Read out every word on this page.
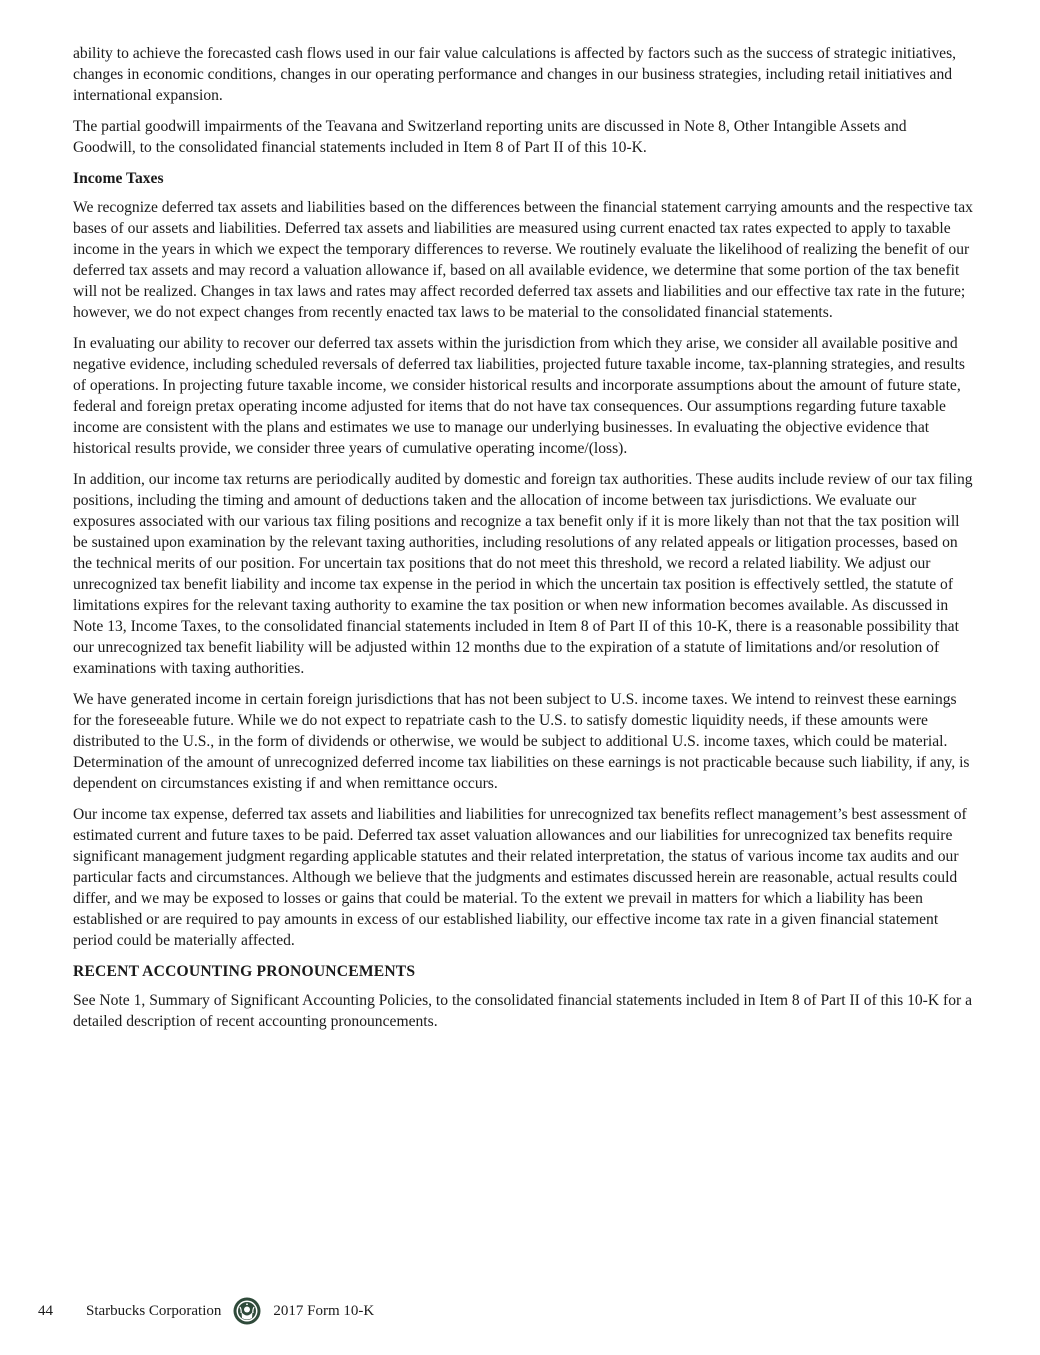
ability to achieve the forecasted cash flows used in our fair value calculations is affected by factors such as the success of strategic initiatives, changes in economic conditions, changes in our operating performance and changes in our business strategies, including retail initiatives and international expansion.

The partial goodwill impairments of the Teavana and Switzerland reporting units are discussed in Note 8, Other Intangible Assets and Goodwill, to the consolidated financial statements included in Item 8 of Part II of this 10-K.

Income Taxes

We recognize deferred tax assets and liabilities based on the differences between the financial statement carrying amounts and the respective tax bases of our assets and liabilities. Deferred tax assets and liabilities are measured using current enacted tax rates expected to apply to taxable income in the years in which we expect the temporary differences to reverse. We routinely evaluate the likelihood of realizing the benefit of our deferred tax assets and may record a valuation allowance if, based on all available evidence, we determine that some portion of the tax benefit will not be realized. Changes in tax laws and rates may affect recorded deferred tax assets and liabilities and our effective tax rate in the future; however, we do not expect changes from recently enacted tax laws to be material to the consolidated financial statements.

In evaluating our ability to recover our deferred tax assets within the jurisdiction from which they arise, we consider all available positive and negative evidence, including scheduled reversals of deferred tax liabilities, projected future taxable income, tax-planning strategies, and results of operations. In projecting future taxable income, we consider historical results and incorporate assumptions about the amount of future state, federal and foreign pretax operating income adjusted for items that do not have tax consequences. Our assumptions regarding future taxable income are consistent with the plans and estimates we use to manage our underlying businesses. In evaluating the objective evidence that historical results provide, we consider three years of cumulative operating income/(loss).

In addition, our income tax returns are periodically audited by domestic and foreign tax authorities. These audits include review of our tax filing positions, including the timing and amount of deductions taken and the allocation of income between tax jurisdictions. We evaluate our exposures associated with our various tax filing positions and recognize a tax benefit only if it is more likely than not that the tax position will be sustained upon examination by the relevant taxing authorities, including resolutions of any related appeals or litigation processes, based on the technical merits of our position. For uncertain tax positions that do not meet this threshold, we record a related liability. We adjust our unrecognized tax benefit liability and income tax expense in the period in which the uncertain tax position is effectively settled, the statute of limitations expires for the relevant taxing authority to examine the tax position or when new information becomes available. As discussed in Note 13, Income Taxes, to the consolidated financial statements included in Item 8 of Part II of this 10-K, there is a reasonable possibility that our unrecognized tax benefit liability will be adjusted within 12 months due to the expiration of a statute of limitations and/or resolution of examinations with taxing authorities.

We have generated income in certain foreign jurisdictions that has not been subject to U.S. income taxes. We intend to reinvest these earnings for the foreseeable future. While we do not expect to repatriate cash to the U.S. to satisfy domestic liquidity needs, if these amounts were distributed to the U.S., in the form of dividends or otherwise, we would be subject to additional U.S. income taxes, which could be material. Determination of the amount of unrecognized deferred income tax liabilities on these earnings is not practicable because such liability, if any, is dependent on circumstances existing if and when remittance occurs.

Our income tax expense, deferred tax assets and liabilities and liabilities for unrecognized tax benefits reflect management’s best assessment of estimated current and future taxes to be paid. Deferred tax asset valuation allowances and our liabilities for unrecognized tax benefits require significant management judgment regarding applicable statutes and their related interpretation, the status of various income tax audits and our particular facts and circumstances. Although we believe that the judgments and estimates discussed herein are reasonable, actual results could differ, and we may be exposed to losses or gains that could be material. To the extent we prevail in matters for which a liability has been established or are required to pay amounts in excess of our established liability, our effective income tax rate in a given financial statement period could be materially affected.

RECENT ACCOUNTING PRONOUNCEMENTS

See Note 1, Summary of Significant Accounting Policies, to the consolidated financial statements included in Item 8 of Part II of this 10-K for a detailed description of recent accounting pronouncements.

44	Starbucks Corporation	2017 Form 10-K
